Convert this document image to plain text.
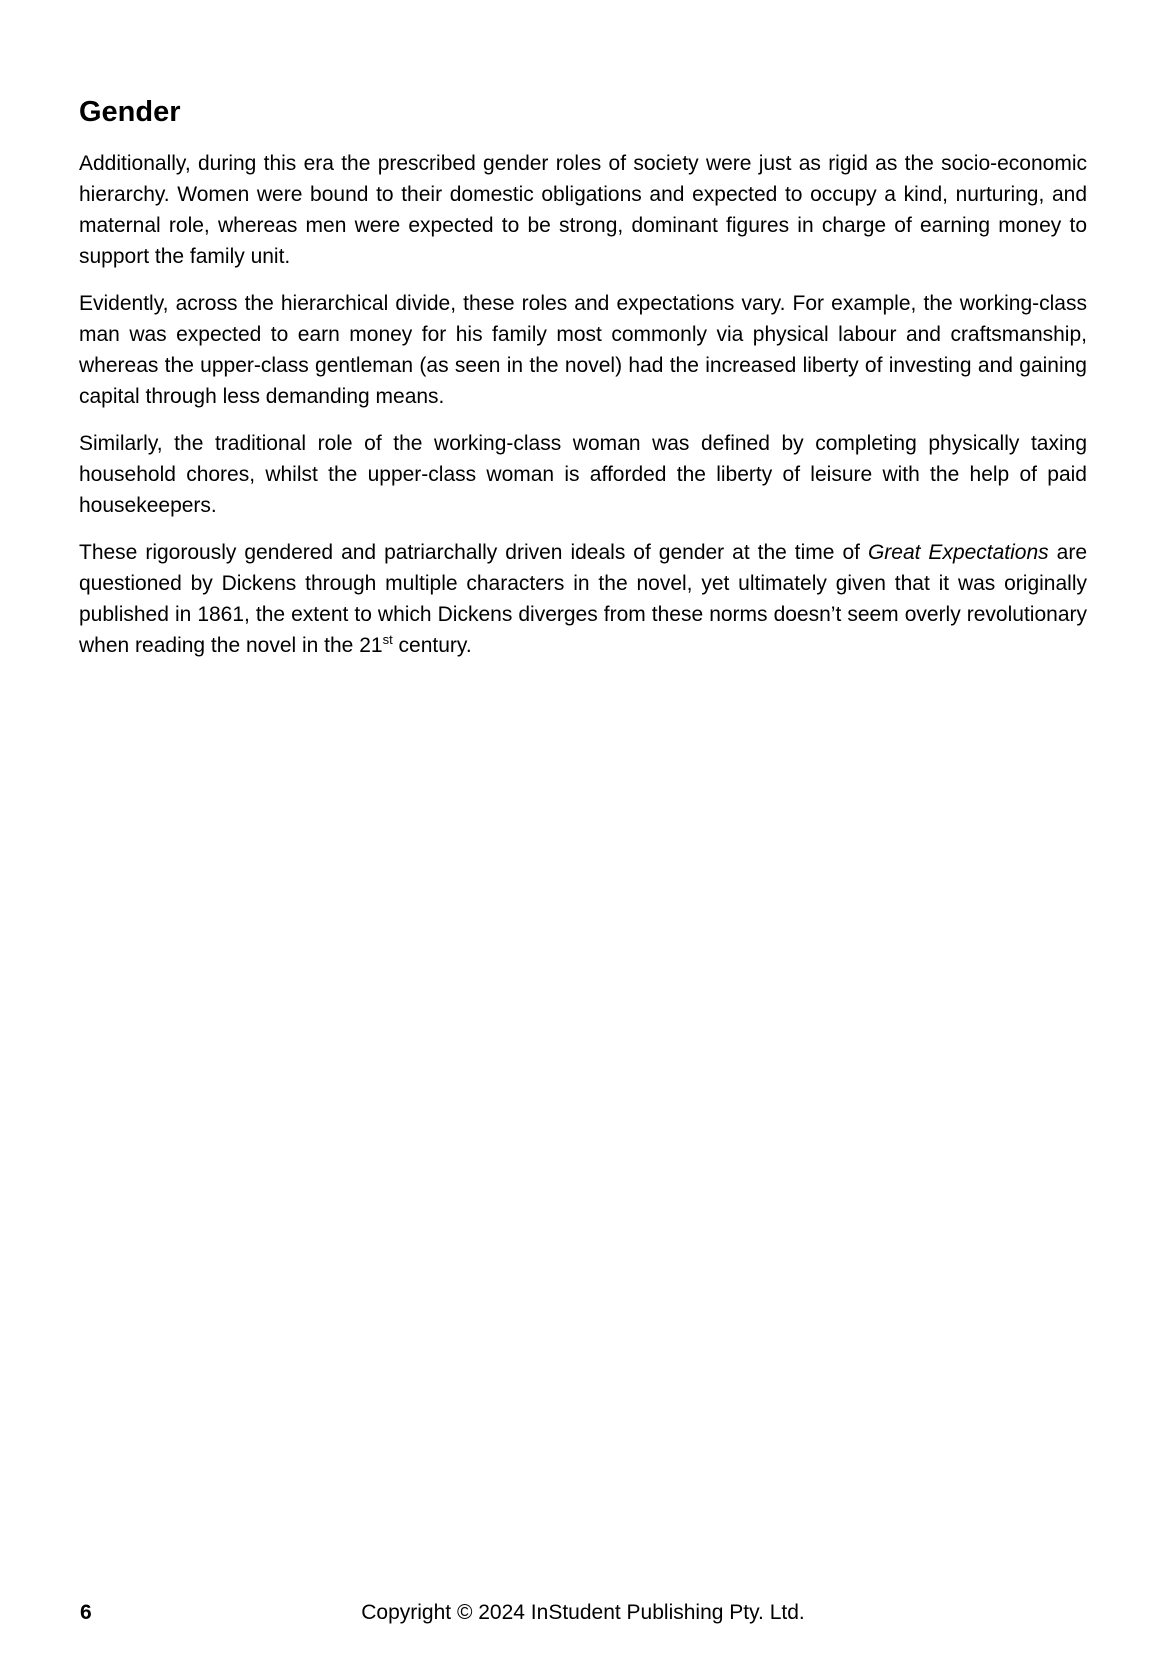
Gender

Additionally, during this era the prescribed gender roles of society were just as rigid as the socio-economic hierarchy. Women were bound to their domestic obligations and expected to occupy a kind, nurturing, and maternal role, whereas men were expected to be strong, dominant figures in charge of earning money to support the family unit.

Evidently, across the hierarchical divide, these roles and expectations vary. For example, the working-class man was expected to earn money for his family most commonly via physical labour and craftsmanship, whereas the upper-class gentleman (as seen in the novel) had the increased liberty of investing and gaining capital through less demanding means.

Similarly, the traditional role of the working-class woman was defined by completing physically taxing household chores, whilst the upper-class woman is afforded the liberty of leisure with the help of paid housekeepers.

These rigorously gendered and patriarchally driven ideals of gender at the time of Great Expectations are questioned by Dickens through multiple characters in the novel, yet ultimately given that it was originally published in 1861, the extent to which Dickens diverges from these norms doesn’t seem overly revolutionary when reading the novel in the 21st century.

6	Copyright © 2024 InStudent Publishing Pty. Ltd.
